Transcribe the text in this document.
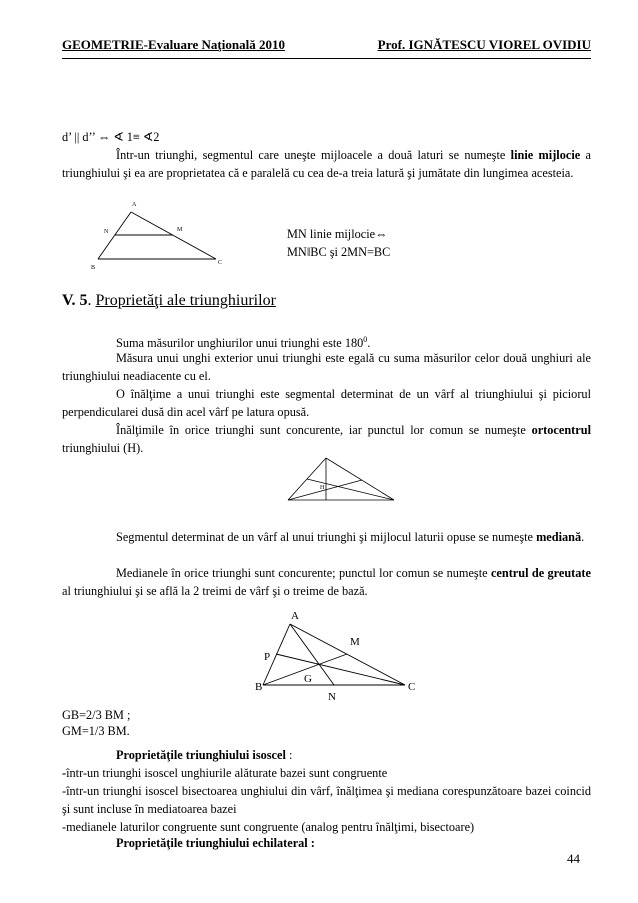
GEOMETRIE-Evaluare Naţională 2010	Prof. IGNĂTESCU VIOREL OVIDIU
d’ || d’’ ⇔ ∢ 1≡ ∢2
Într-un triunghi, segmentul care uneşte mijloacele a două laturi se numeşte linie mijlocie a triunghiului şi ea are proprietatea că e paralelă cu cea de-a treia latură şi jumătate din lungimea acesteia.
A
N	M
B
C
MN linie mijlocie⇔
MN‖BC şi 2MN=BC
V. 5. Proprietăţi ale triunghiurilor
Suma măsurilor unghiurilor unui triunghi este $180^0$.
Măsura unui unghi exterior unui triunghi este egală cu suma măsurilor celor două unghiuri ale triunghiului neadiacente cu el.
O înălţime a unui triunghi este segmental determinat de un vârf al triunghiului şi piciorul perpendicularei dusă din acel vârf pe latura opusă.
Înălţimile în orice triunghi sunt concurente, iar punctul lor comun se numeşte ortocentrul triunghiului (H).
H
Segmentul determinat de un vârf al unui triunghi şi mijlocul laturii opuse se numeşte mediană.
Medianele în orice triunghi sunt concurente; punctul lor comun se numeşte centrul de greutate al triunghiului şi se află la 2 treimi de vârf şi o treime de bază.
A
M
P
G
B
N
C
GB=2/3 BM ;
GM=1/3 BM.
Proprietăţile triunghiului isoscel :
-într-un triunghi isoscel unghiurile alăturate bazei sunt congruente
-într-un triunghi isoscel bisectoarea unghiului din vârf, înălţimea şi mediana corespunzătoare bazei coincid şi sunt incluse în mediatoarea bazei
-medianele laturilor congruente sunt congruente (analog pentru înălţimi, bisectoare)
Proprietăţile triunghiului echilateral :
44
